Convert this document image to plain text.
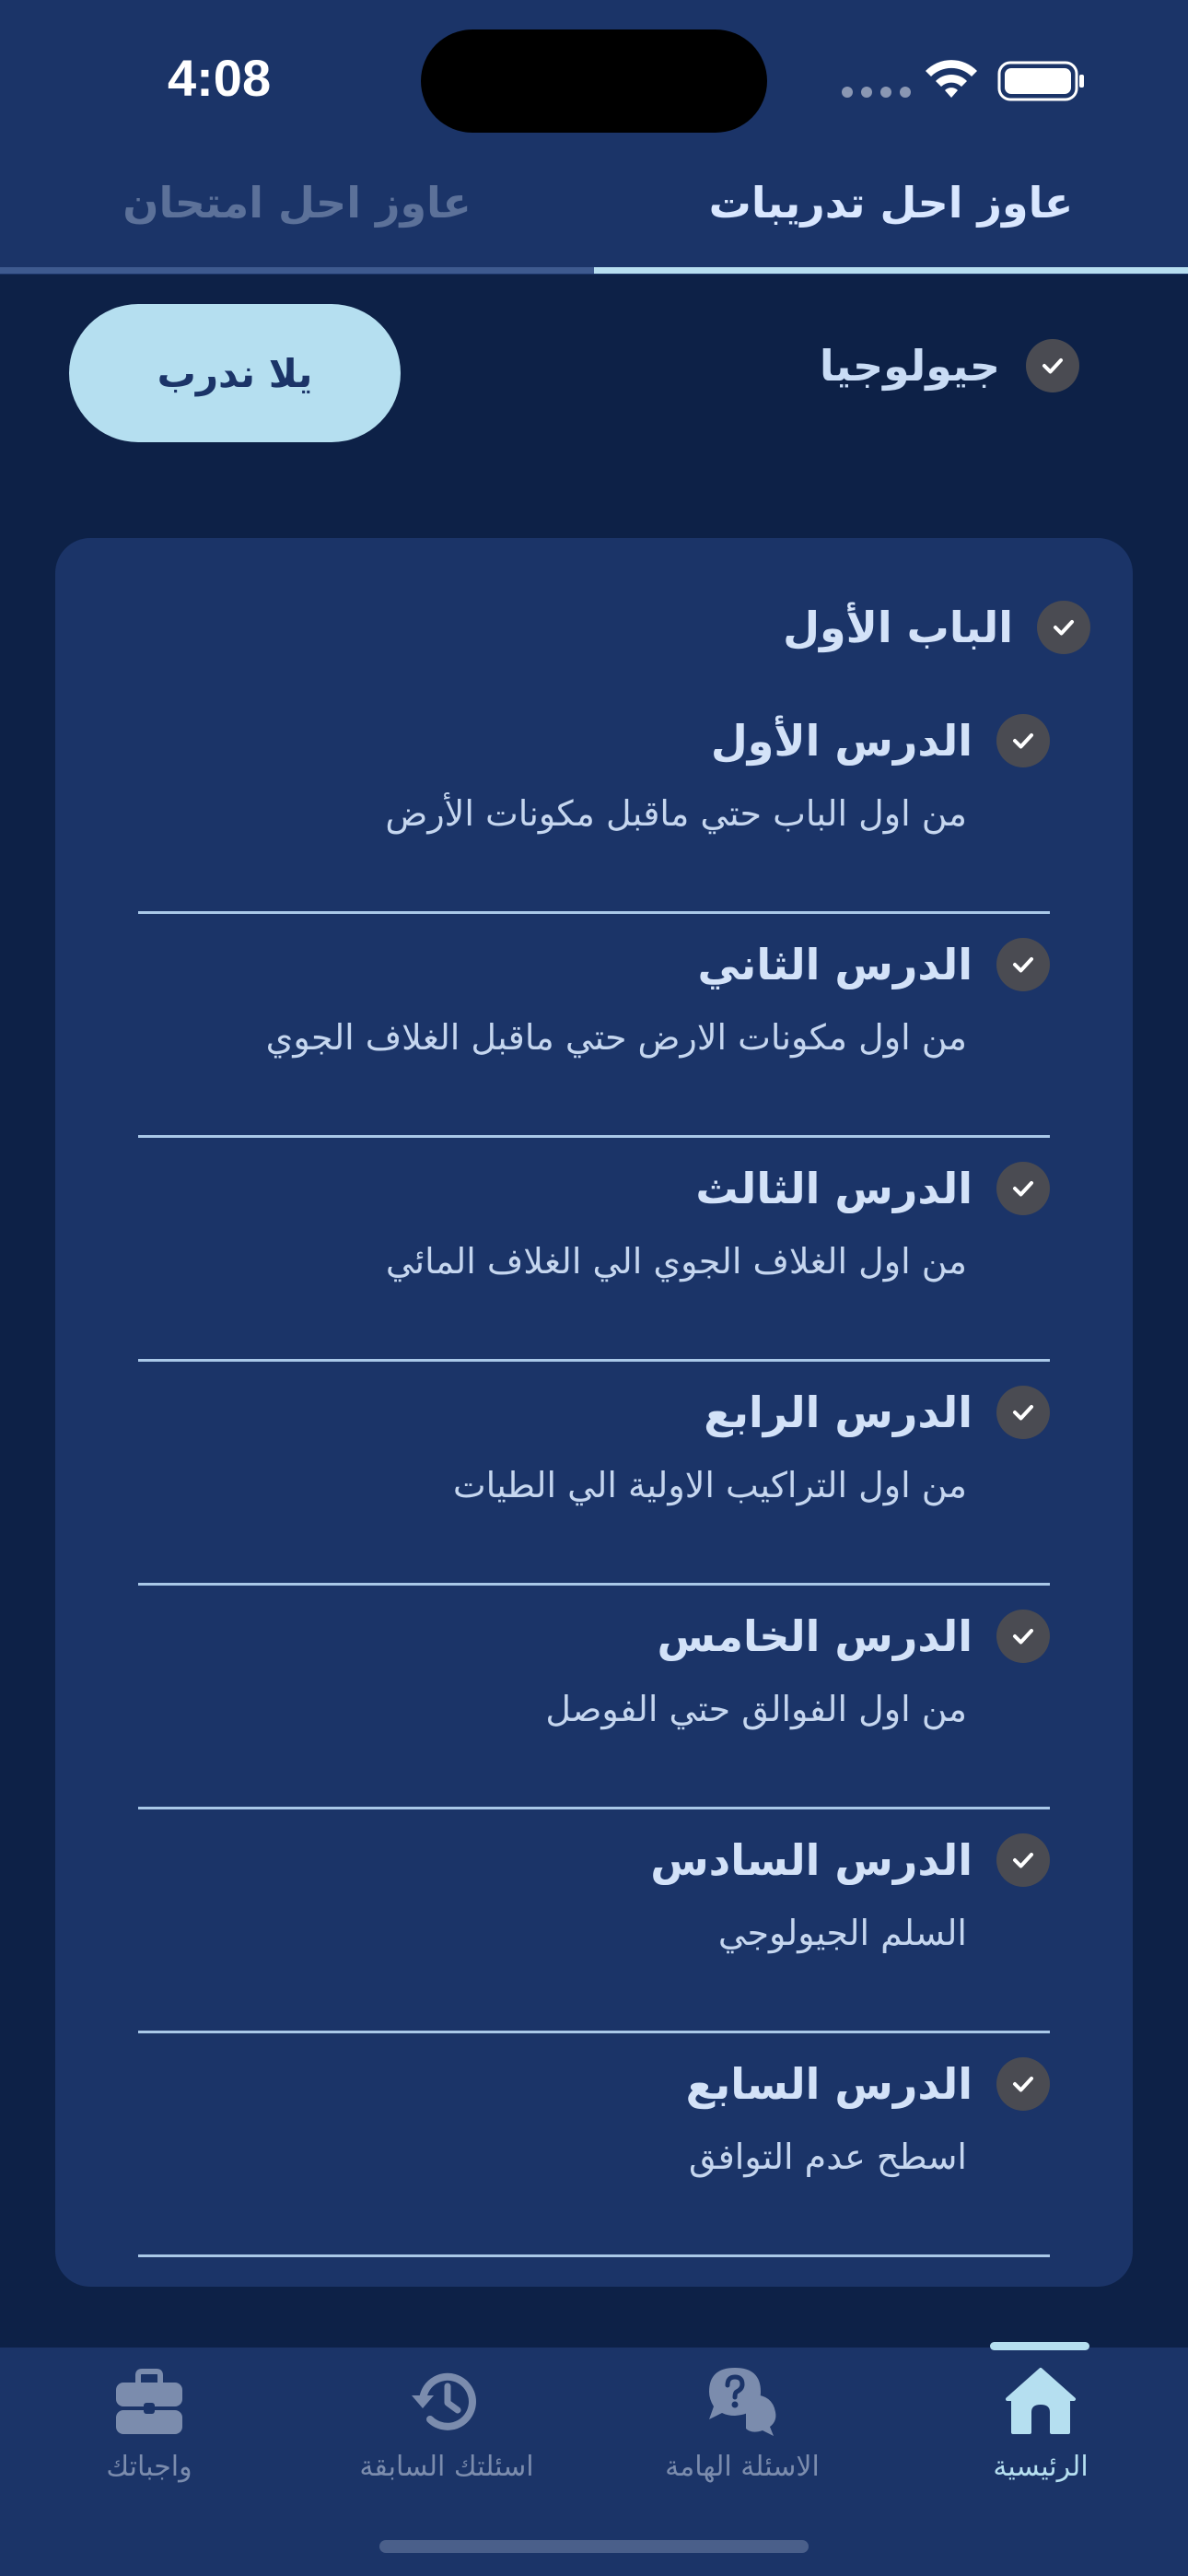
4:08
عاوز احل تدريبات
عاوز احل امتحان
جيولوجيا
يلا ندرب
الباب الأول
الدرس الأول
من اول الباب حتي ماقبل مكونات الأرض
الدرس الثاني
من اول مكونات الارض حتي ماقبل الغلاف الجوي
الدرس الثالث
من اول الغلاف الجوي الي الغلاف المائي
الدرس الرابع
من اول التراكيب الاولية الي الطيات
الدرس الخامس
من اول الفوالق حتي الفوصل
الدرس السادس
السلم الجيولوجي
الدرس السابع
اسطح عدم التوافق
الرئيسية
الاسئلة الهامة
اسئلتك السابقة
واجباتك
